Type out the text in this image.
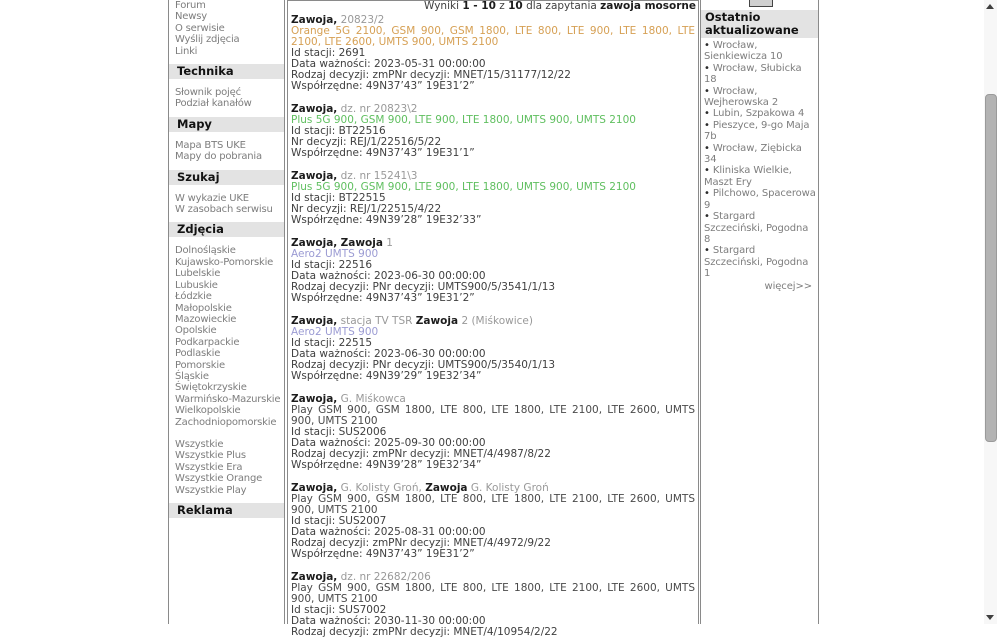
Forum
Newsy
O serwisie
Wyślij zdjęcia
Linki
Technika
Słownik pojęć
Podział kanałów
Mapy
Mapa BTS UKE
Mapy do pobrania
Szukaj
W wykazie UKE
W zasobach serwisu
Zdjęcia
Dolnośląskie
Kujawsko-Pomorskie
Lubelskie
Lubuskie
Łódzkie
Małopolskie
Mazowieckie
Opolskie
Podkarpackie
Podlaskie
Pomorskie
Śląskie
Świętokrzyskie
Warmińsko-Mazurskie
Wielkopolskie
Zachodniopomorskie
Wszystkie
Wszystkie Plus
Wszystkie Era
Wszystkie Orange
Wszystkie Play
Reklama
Wyniki 1 - 10 z 10 dla zapytania zawoja mosorne
Zawoja, 20823/2
Orange 5G 2100, GSM 900, GSM 1800, LTE 800, LTE 900, LTE 1800, LTE 2100, LTE 2600, UMTS 900, UMTS 2100
Id stacji: 2691
Data ważności: 2023-05-31 00:00:00
Rodzaj decyzji: zmPNr decyzji: MNET/15/31177/12/22
Współrzędne: 49N37’43” 19E31’2”
Zawoja, dz. nr 20823\2
Plus 5G 900, GSM 900, LTE 900, LTE 1800, UMTS 900, UMTS 2100
Id stacji: BT22516
Nr decyzji: REJ/1/22516/5/22
Współrzędne: 49N37’43” 19E31’1”
Zawoja, dz. nr 15241\3
Plus 5G 900, GSM 900, LTE 900, LTE 1800, UMTS 900, UMTS 2100
Id stacji: BT22515
Nr decyzji: REJ/1/22515/4/22
Współrzędne: 49N39’28” 19E32’33”
Zawoja, Zawoja 1
Aero2 UMTS 900
Id stacji: 22516
Data ważności: 2023-06-30 00:00:00
Rodzaj decyzji: PNr decyzji: UMTS900/5/3541/1/13
Współrzędne: 49N37’43” 19E31’2”
Zawoja, stacja TV TSR Zawoja 2 (Miśkowice)
Aero2 UMTS 900
Id stacji: 22515
Data ważności: 2023-06-30 00:00:00
Rodzaj decyzji: PNr decyzji: UMTS900/5/3540/1/13
Współrzędne: 49N39’29” 19E32’34”
Zawoja, G. Miśkowca
Play GSM 900, GSM 1800, LTE 800, LTE 1800, LTE 2100, LTE 2600, UMTS 900, UMTS 2100
Id stacji: SUS2006
Data ważności: 2025-09-30 00:00:00
Rodzaj decyzji: zmPNr decyzji: MNET/4/4987/8/22
Współrzędne: 49N39’28” 19E32’34”
Zawoja, G. Kolisty Groń, Zawoja G. Kolisty Groń
Play GSM 900, GSM 1800, LTE 800, LTE 1800, LTE 2100, LTE 2600, UMTS 900, UMTS 2100
Id stacji: SUS2007
Data ważności: 2025-08-31 00:00:00
Rodzaj decyzji: zmPNr decyzji: MNET/4/4972/9/22
Współrzędne: 49N37’43” 19E31’2”
Zawoja, dz. nr 22682/206
Play GSM 900, GSM 1800, LTE 800, LTE 1800, LTE 2100, LTE 2600, UMTS 900, UMTS 2100
Id stacji: SUS7002
Data ważności: 2030-11-30 00:00:00
Rodzaj decyzji: zmPNr decyzji: MNET/4/10954/2/22
Ostatnio aktualizowane
• Wrocław, Sienkiewicza 10
• Wrocław, Słubicka 18
• Wrocław, Wejherowska 2
• Lubin, Szpakowa 4
• Pieszyce, 9-go Maja 7b
• Wrocław, Ziębicka 34
• Kliniska Wielkie, Maszt Ery
• Pilchowo, Spacerowa 9
• Stargard Szczeciński, Pogodna 8
• Stargard Szczeciński, Pogodna 1
więcej>>
